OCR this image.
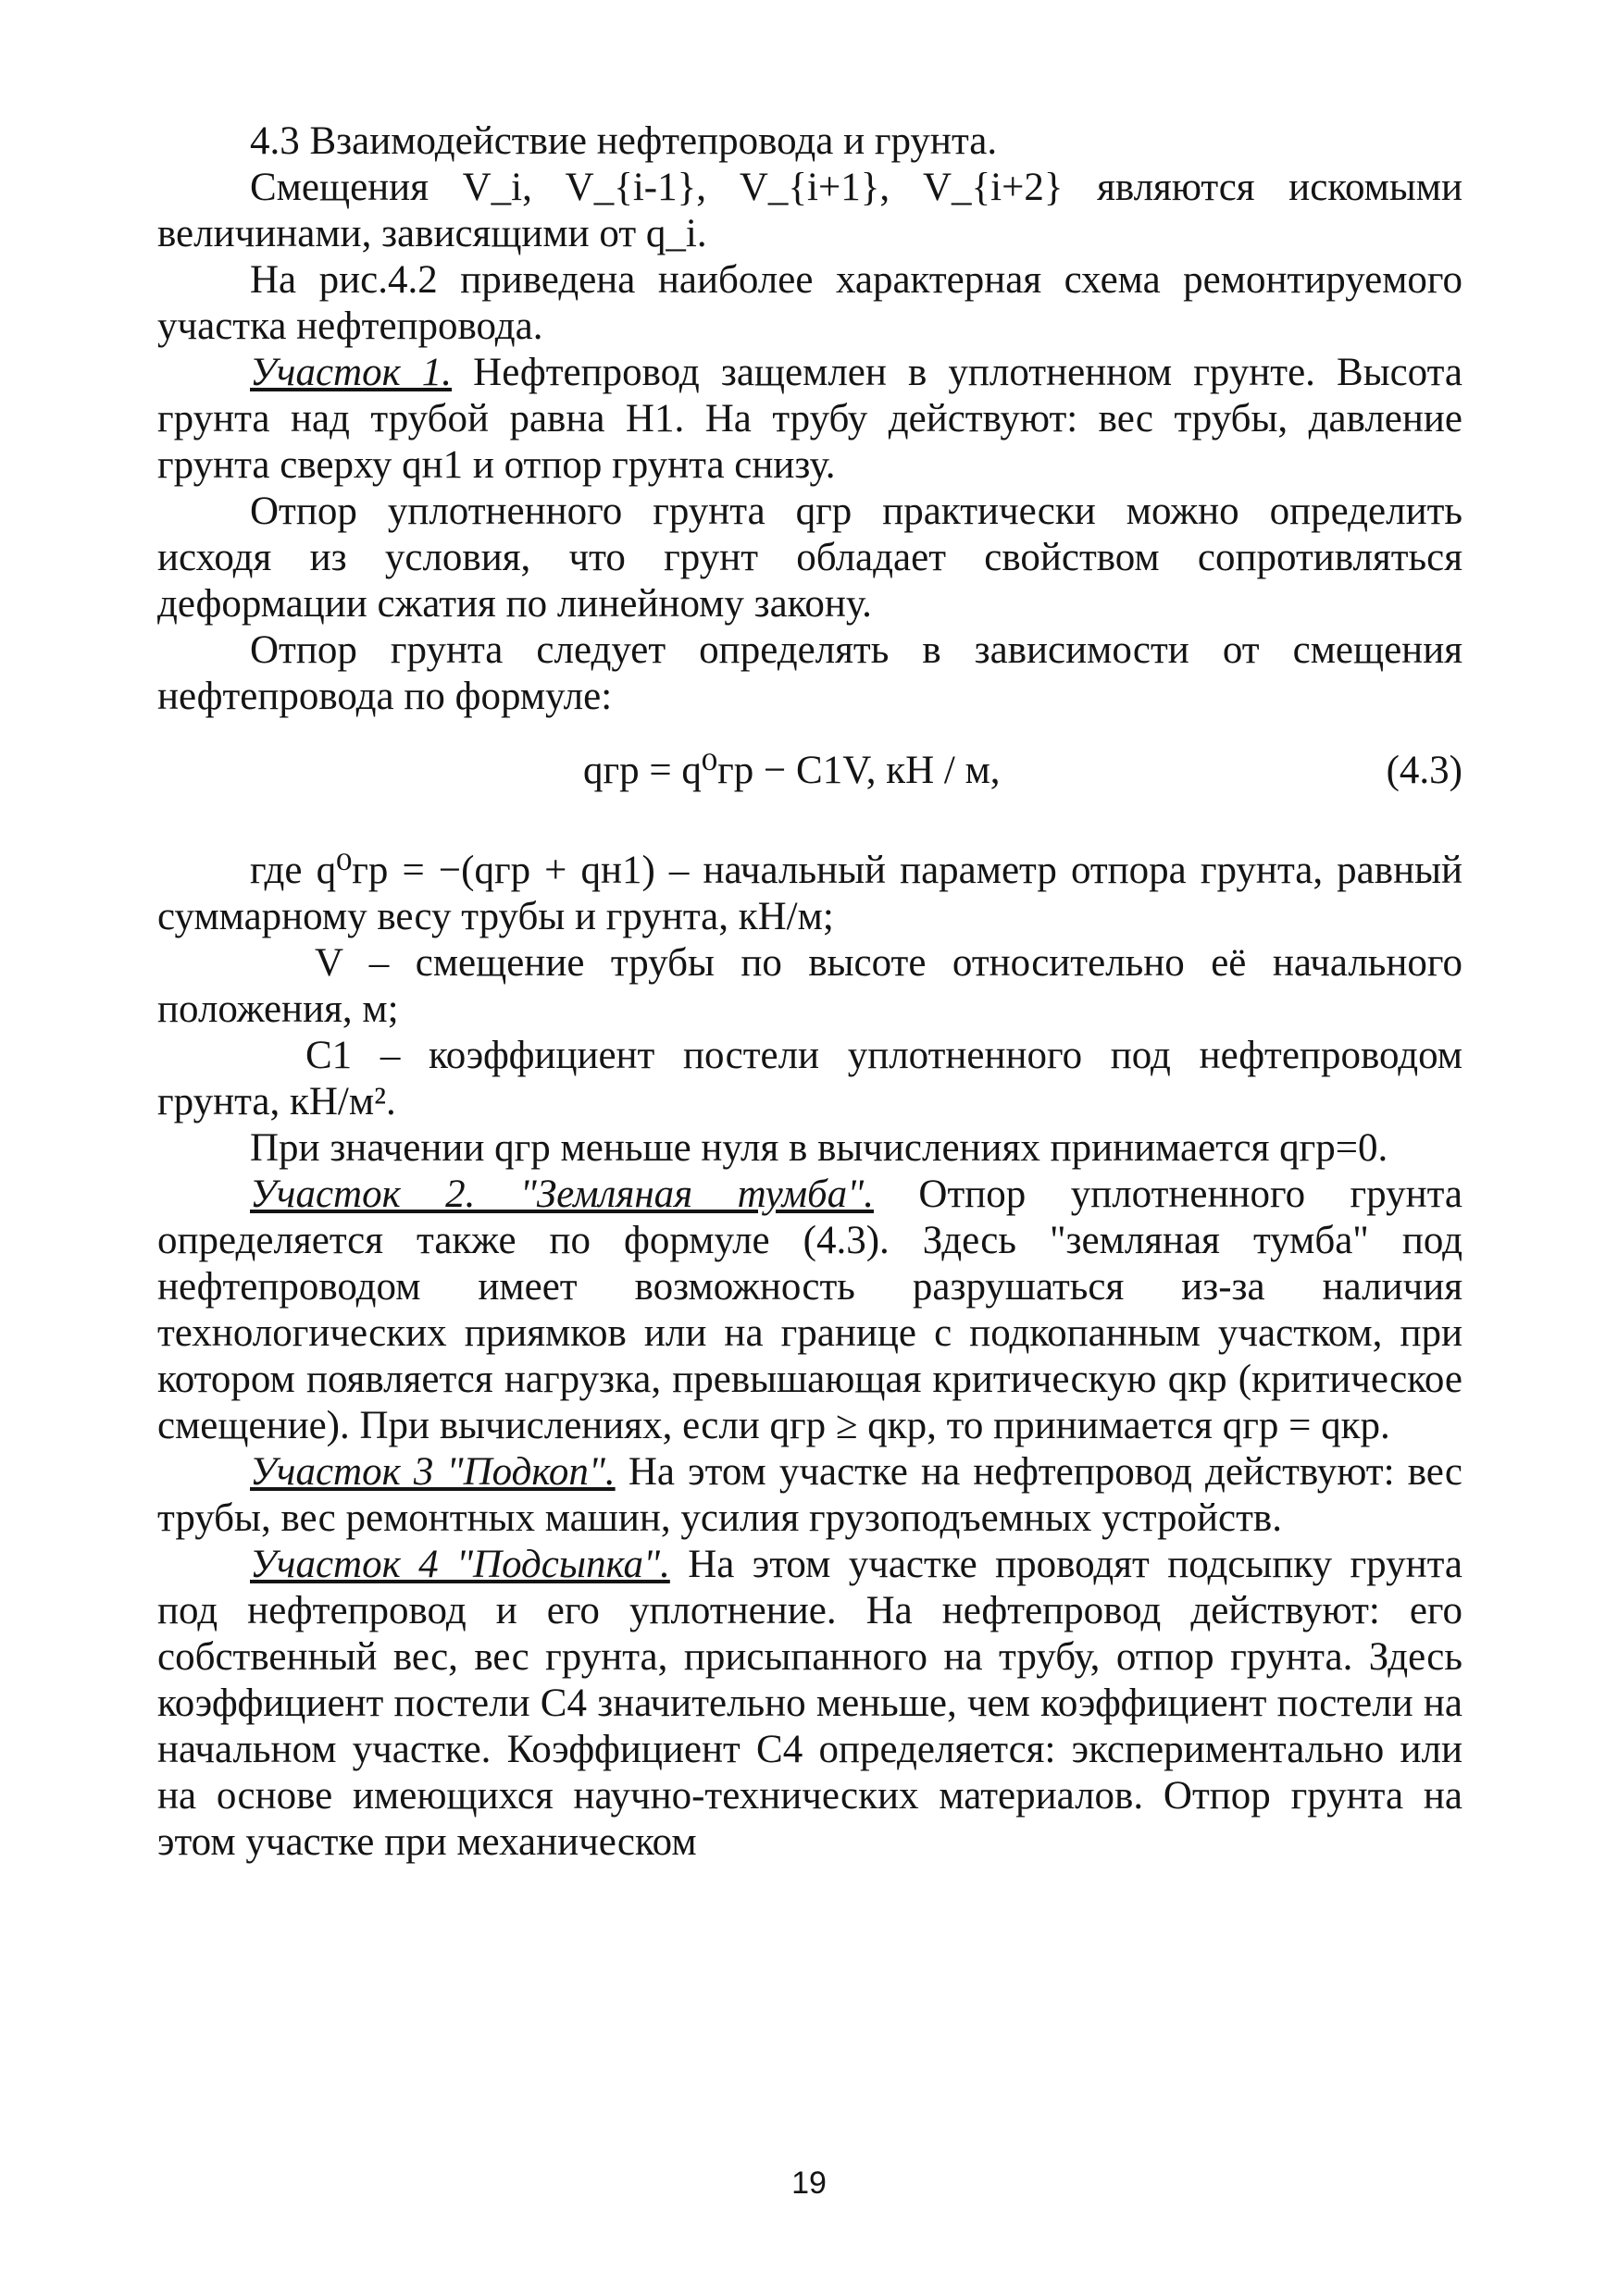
4.3 Взаимодействие нефтепровода и грунта.

Смещения V_i, V_{i-1}, V_{i+1}, V_{i+2} являются искомыми величинами, зависящими от q_i.

На рис.4.2 приведена наиболее характерная схема ремонтируемого участка нефтепровода.

Участок 1. Нефтепровод защемлен в уплотненном грунте. Высота грунта над трубой равна H1. На трубу действуют: вес трубы, давление грунта сверху qн1 и отпор грунта снизу.

Отпор уплотненного грунта qгр практически можно определить исходя из условия, что грунт обладает свойством сопротивляться деформации сжатия по линейному закону.

Отпор грунта следует определять в зависимости от смещения нефтепровода по формуле:

qгр = q⁰гр − C1V, кН / м,	(4.3)

где q⁰гр = −(qгр + qн1) – начальный параметр отпора грунта, равный суммарному весу трубы и грунта, кН/м;

V – смещение трубы по высоте относительно её начального положения, м;

C1 – коэффициент постели уплотненного под нефтепроводом грунта, кН/м².

При значении qгр меньше нуля в вычислениях принимается qгр=0.

Участок 2. "Земляная тумба". Отпор уплотненного грунта определяется также по формуле (4.3). Здесь "земляная тумба" под нефтепроводом имеет возможность разрушаться из-за наличия технологических приямков или на границе с подкопанным участком, при котором появляется нагрузка, превышающая критическую qкр (критическое смещение). При вычислениях, если qгр ≥ qкр, то принимается qгр = qкр.

Участок 3 "Подкоп". На этом участке на нефтепровод действуют: вес трубы, вес ремонтных машин, усилия грузоподъемных устройств.

Участок 4 "Подсыпка". На этом участке проводят подсыпку грунта под нефтепровод и его уплотнение. На нефтепровод действуют: его собственный вес, вес грунта, присыпанного на трубу, отпор грунта. Здесь коэффициент постели C4 значительно меньше, чем коэффициент постели на начальном участке. Коэффициент C4 определяется: экспериментально или на основе имеющихся научно-технических материалов. Отпор грунта на этом участке при механическом

19
